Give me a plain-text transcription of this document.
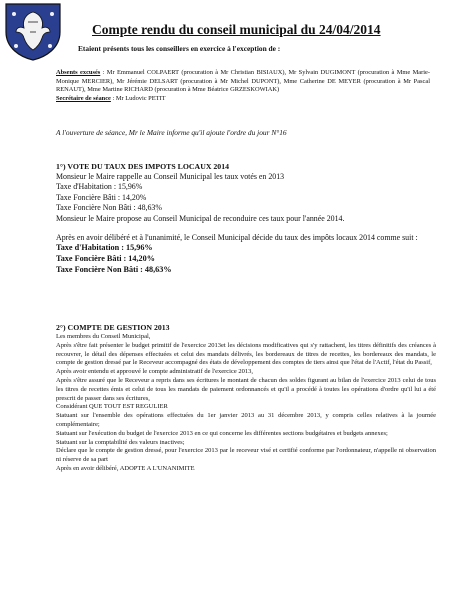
Compte rendu du conseil municipal du 24/04/2014
Etaient présents tous les conseillers en exercice à l'exception de :
Absents excusés : Mr Emmanuel COLPAERT (procuration à Mr Christian BISIAUX), Mr Sylvain DUGIMONT (procuration à Mme Marie-Monique MERCIER), Mr Jérémie DELSART (procuration à Mr Michel DUPONT), Mme Catherine DE MEYER (procuration à Mr Pascal RENAUT), Mme Martine RICHARD (procuration à Mme Béatrice GRZESKOWIAK)
Secrétaire de séance : Mr Ludovic PETIT
A l'ouverture de séance, Mr le Maire informe qu'il ajoute l'ordre du jour N°16
1°) VOTE DU TAUX DES IMPOTS LOCAUX 2014
Monsieur le Maire rappelle au Conseil Municipal les taux votés en 2013
Taxe d'Habitation : 15,96%
Taxe Foncière Bâti : 14,20%
Taxe Foncière Non Bâti : 48,63%
Monsieur le Maire propose au Conseil Municipal de reconduire ces taux pour l'année 2014.
Après en avoir délibéré et à l'unanimité, le Conseil Municipal décide du taux des impôts locaux 2014 comme suit :
Taxe d'Habitation : 15,96%
Taxe Foncière Bâti : 14,20%
Taxe Foncière Non Bâti : 48,63%
2°) COMPTE DE GESTION 2013
Les membres du Conseil Municipal,
Après s'être fait présenter le budget primitif de l'exercice 2013et les décisions modificatives qui s'y rattachent, les titres définitifs des créances à recouvrer, le détail des dépenses effectuées et celui des mandats délivrés, les bordereaux de titres de recettes, les bordereaux des mandats, le compte de gestion dressé par le Receveur accompagné des états de développement des comptes de tiers ainsi que l'état de l'Actif, l'état du Passif,
Après avoir entendu et approuvé le compte administratif de l'exercice 2013,
Après s'être assuré que le Receveur a repris dans ses écritures le montant de chacun des soldes figurant au bilan de l'exercice 2013 celui de tous les titres de recettes émis et celui de tous les mandats de paiement ordonnancés et qu'il a procédé à toutes les opérations d'ordre qu'il lui a été prescrit de passer dans ses écritures,
Considérant QUE TOUT EST REGULIER
Statuant sur l'ensemble des opérations effectuées du 1er janvier 2013 au 31 décembre 2013, y compris celles relatives à la journée complémentaire;
Statuant sur l'exécution du budget de l'exercice 2013 en ce qui concerne les différentes sections budgétaires et budgets annexes;
Statuant sur la comptabilité des valeurs inactives;
Déclare que le compte de gestion dressé, pour l'exercice 2013 par le receveur visé et certifié conforme par l'ordonnateur, n'appelle ni observation ni réserve de sa part
Après en avoir délibéré, ADOPTE A L'UNANIMITE
